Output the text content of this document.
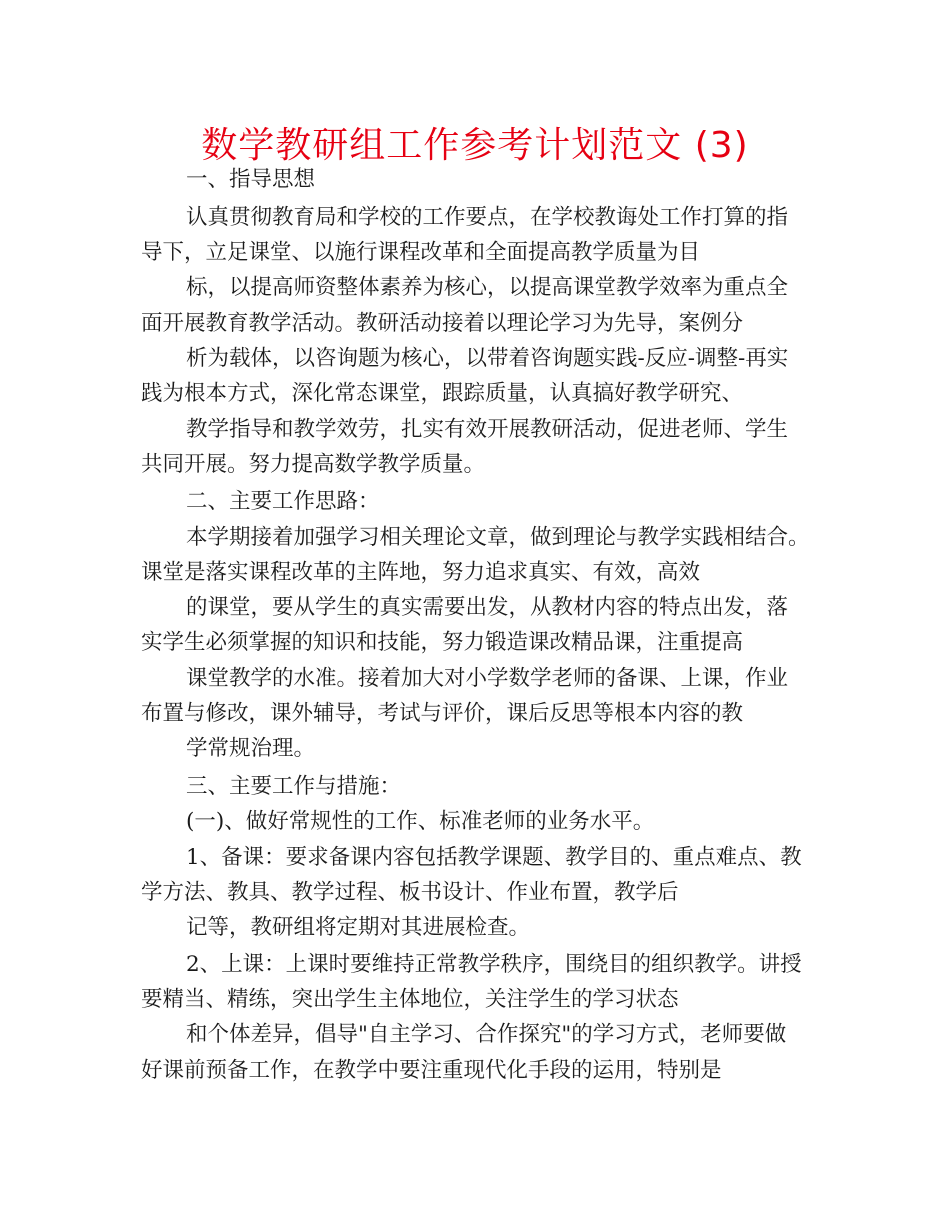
数学教研组工作参考计划范文 (3)
一、指导思想
认真贯彻教育局和学校的工作要点，在学校教诲处工作打算的指
导下，立足课堂、以施行课程改革和全面提高教学质量为目
标，以提高师资整体素养为核心，以提高课堂教学效率为重点全
面开展教育教学活动。教研活动接着以理论学习为先导，案例分
析为载体，以咨询题为核心，以带着咨询题实践-反应-调整-再实
践为根本方式，深化常态课堂，跟踪质量，认真搞好教学研究、
教学指导和教学效劳，扎实有效开展教研活动，促进老师、学生
共同开展。努力提高数学教学质量。
二、主要工作思路：
本学期接着加强学习相关理论文章，做到理论与教学实践相结合。
课堂是落实课程改革的主阵地，努力追求真实、有效，高效
的课堂，要从学生的真实需要出发，从教材内容的特点出发，落
实学生必须掌握的知识和技能，努力锻造课改精品课，注重提高
课堂教学的水准。接着加大对小学数学老师的备课、上课，作业
布置与修改，课外辅导，考试与评价，课后反思等根本内容的教
学常规治理。
三、主要工作与措施：
(一)、做好常规性的工作、标准老师的业务水平。
1、备课：要求备课内容包括教学课题、教学目的、重点难点、教
学方法、教具、教学过程、板书设计、作业布置，教学后
记等，教研组将定期对其进展检查。
2、上课：上课时要维持正常教学秩序，围绕目的组织教学。讲授
要精当、精练，突出学生主体地位，关注学生的学习状态
和个体差异，倡导"自主学习、合作探究"的学习方式，老师要做
好课前预备工作，在教学中要注重现代化手段的运用，特别是
